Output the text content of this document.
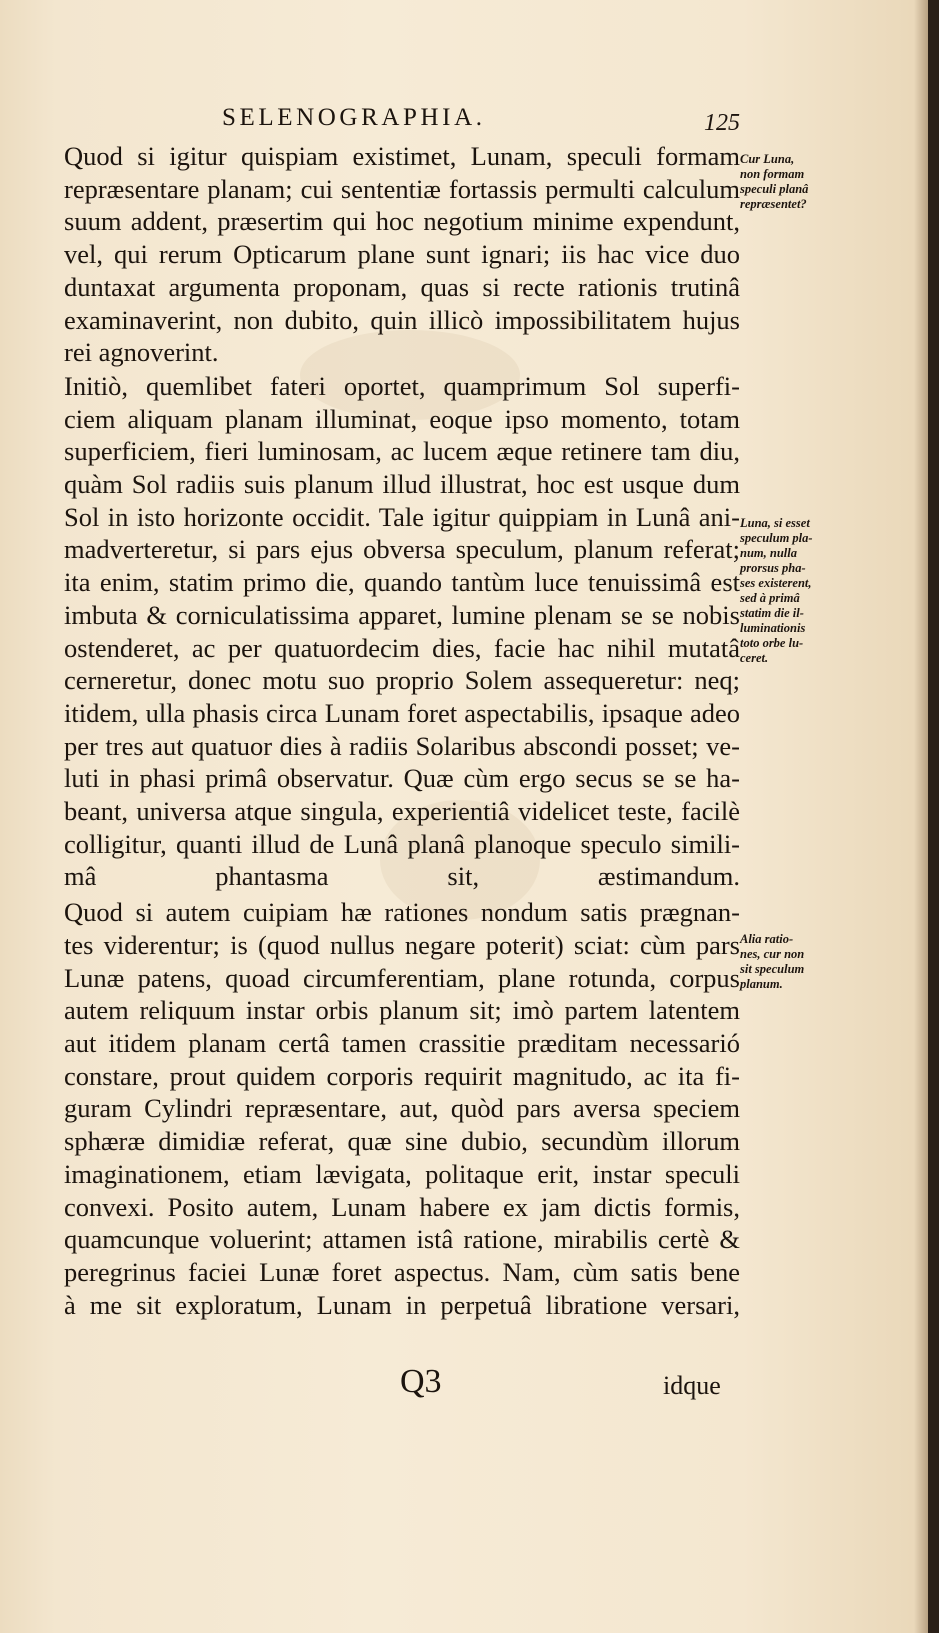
SELENOGRAPHIA.	125

Quod si igitur quispiam existimet, Lunam, speculi formam
repræsentare planam; cui sententiæ fortassis permulti calculum
suum addent, præsertim qui hoc negotium minime expendunt,
vel, qui rerum Opticarum plane sunt ignari; iis hac vice duo
duntaxat argumenta proponam, quas si recte rationis trutinâ
examinaverint, non dubito, quin illicò impossibilitatem hujus
rei agnoverint.

Initiò, quemlibet fateri oportet, quamprimum Sol superfi-
ciem aliquam planam illuminat, eoque ipso momento, totam
superficiem, fieri luminosam, ac lucem æque retinere tam diu,
quàm Sol radiis suis planum illud illustrat, hoc est usque dum
Sol in isto horizonte occidit. Tale igitur quippiam in Lunâ ani-
madverteretur, si pars ejus obversa speculum, planum referat;
ita enim, statim primo die, quando tantùm luce tenuissimâ est
imbuta & corniculatissima apparet, lumine plenam se se nobis
ostenderet, ac per quatuordecim dies, facie hac nihil mutatâ
cerneretur, donec motu suo proprio Solem assequeretur: neq;
itidem, ulla phasis circa Lunam foret aspectabilis, ipsaque adeo
per tres aut quatuor dies à radiis Solaribus abscondi posset; ve-
luti in phasi primâ observatur. Quæ cùm ergo secus se se ha-
beant, universa atque singula, experientiâ videlicet teste, facilè
colligitur, quanti illud de Lunâ planâ planoque speculo simili-
mâ phantasma sit, æstimandum.

Quod si autem cuipiam hæ rationes nondum satis prægnan-
tes viderentur; is (quod nullus negare poterit) sciat: cùm pars
Lunæ patens, quoad circumferentiam, plane rotunda, corpus
autem reliquum instar orbis planum sit; imò partem latentem
aut itidem planam certâ tamen crassitie præditam necessarió
constare, prout quidem corporis requirit magnitudo, ac ita fi-
guram Cylindri repræsentare, aut, quòd pars aversa speciem
sphæræ dimidiæ referat, quæ sine dubio, secundùm illorum
imaginationem, etiam lævigata, politaque erit, instar speculi
convexi. Posito autem, Lunam habere ex jam dictis formis,
quamcunque voluerint; attamen istâ ratione, mirabilis certè &
peregrinus faciei Lunæ foret aspectus. Nam, cùm satis bene
à me sit exploratum, Lunam in perpetuâ libratione versari,

Cur Luna,
non formam
speculi planâ
repræsentet?
Luna, si esset
speculum pla-
num, nulla
prorsus pha-
ses existerent,
sed à primâ
statim die il-
luminationis
toto orbe lu-
ceret.
Alia ratio-
nes, cur non
sit speculum
planum.
Q3	idque
